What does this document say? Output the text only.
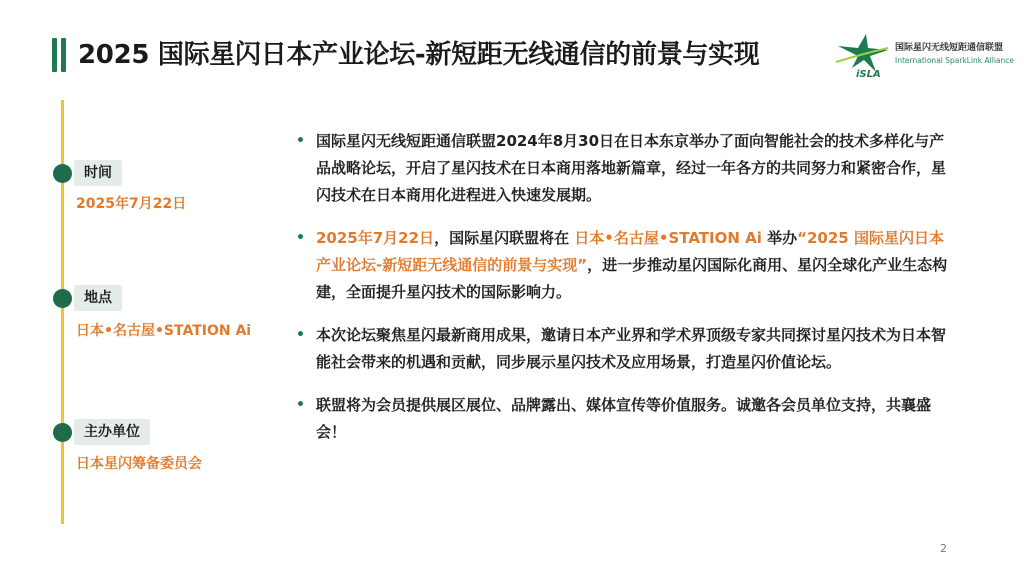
2025 国际星闪日本产业论坛-新短距无线通信的前景与实现
iSLA
国际星闪无线短距通信联盟
International SparkLink Alliance
时间
2025年7月22日
地点
日本•名古屋•STATION Ai
主办单位
日本星闪筹备委员会
• 国际星闪无线短距通信联盟2024年8月30日在日本东京举办了面向智能社会的技术多样化与产品战略论坛，开启了星闪技术在日本商用落地新篇章，经过一年各方的共同努力和紧密合作，星闪技术在日本商用化进程进入快速发展期。
• 2025年7月22日，国际星闪联盟将在 日本•名古屋•STATION Ai 举办“2025 国际星闪日本产业论坛-新短距无线通信的前景与实现”，进一步推动星闪国际化商用、星闪全球化产业生态构建，全面提升星闪技术的国际影响力。
• 本次论坛聚焦星闪最新商用成果，邀请日本产业界和学术界顶级专家共同探讨星闪技术为日本智能社会带来的机遇和贡献，同步展示星闪技术及应用场景，打造星闪价值论坛。
• 联盟将为会员提供展区展位、品牌露出、媒体宣传等价值服务。诚邀各会员单位支持，共襄盛会！
2
